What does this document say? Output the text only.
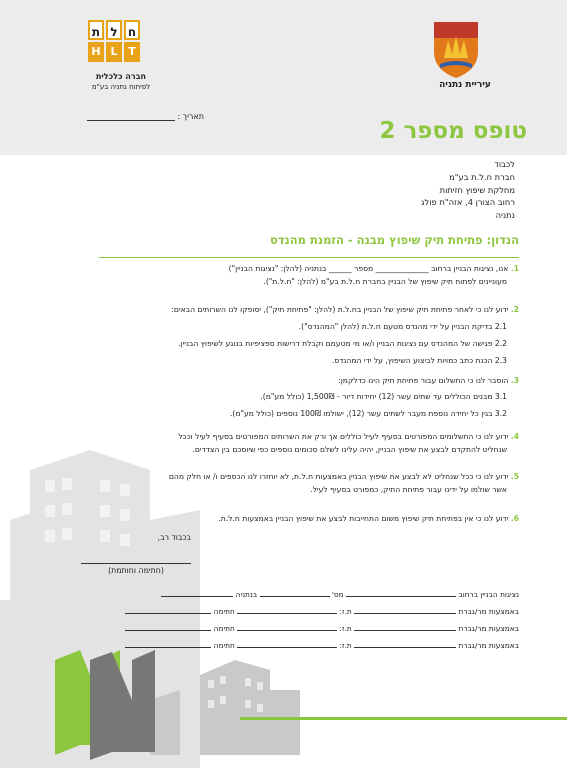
עיריית נתניה
ח
ל
ת
H L T
חברה כלכלית
לפיתוח נתניה בע"מ
תאריך :
טופס מספר 2
לכבוד
חברת ח.ל.ת בע"מ
מחלקת שיפוץ חזיתות
רחוב הצורן 4, אזה"ת פולג
נתניה
הנדון: פתיחת תיק שיפוץ מבנה - הזמנת מהנדס
1. אנו, נציגות הבניין ברחוב ______________ מספר ______ בנתניה (להלן: "נציגות הבניין")
מעוניינים לפתוח תיק שיפוץ של הבניין בחברת ח.ל.ת בע"מ (להלן: "ח.ל.ת").
2. ידוע לנו כי לאחר פתיחת תיק שיפוץ של הבניין בח.ל.ת (להלן: "פתיחת תיק"), יסופקו לנו השרותים הבאים:
2.1 בדיקת הבניין על ידי מהנדס מטעם ח.ל.ת (להלן "המהנדס").
2.2 פגישה של המהנדס עם נציגות הבניין ו/או מי מטעמם וקבלת דרישות ספציפיות בנוגע לשיפוץ הבניין.
2.3 הכנת כתב כמויות לביצוע השיפוץ, על ידי המהנדס.
3. הוסבר לנו כי התשלום עבור פתיחת תיק הינו כדלקמן:
3.1 מבנים הכוללים עד שתים עשר (12) יחידות דיור - 1,500₪ (כולל מע"מ).
3.2 בגין כל יחידה נוספת מעבר לשתים עשר (12), ישולמו 100₪ נוספים (כולל מע"מ).
4. ידוע לנו כי התשלומים המפורטים בסעיף לעיל כוללים אך ורק את השרותים המפורטים בסעיף לעיל וככל
שנחליט להתקדם לבצע את שיפוץ הבניין, יהיה עלינו לשלם סכומים נוספים כפי שיוסכם בין הצדדים.
5. ידוע לנו כי ככל שנחליט לא לבצע את שיפוץ הבניין באמצעות ח.ל.ת, לא יוחזרו לנו הכספים ו/ או חלק מהם
אשר שולמו על ידינו עבור פתיחת התיק, כמפורט בסעיף לעיל.
6. ידוע לנו כי אין בפתיחת תיק שיפוץ משום התחייבות לבצע את שיפוץ הבניין באמצעות ח.ל.ת.
בכבוד רב,
(חתימה וחותמת)
נציגות הבניין ברחוב  מס'  בנתניה
באמצעות מר/גברת  ת.ז:  חתימה
באמצעות מר/גברת  ת.ז:  חתימה
באמצעות מר/גברת  ת.ז:  חתימה
